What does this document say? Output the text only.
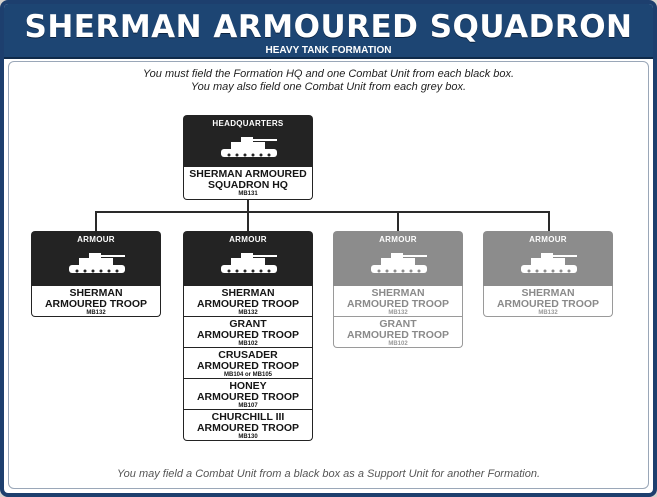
SHERMAN ARMOURED SQUADRON
HEAVY TANK FORMATION
You must field the Formation HQ and one Combat Unit from each black box.
You may also field one Combat Unit from each grey box.
HEADQUARTERS
SHERMAN ARMOURED
SQUADRON HQ
MB131
ARMOUR
SHERMAN
ARMOURED TROOP
MB132
ARMOUR
SHERMAN
ARMOURED TROOP
MB132
GRANT
ARMOURED TROOP
MB102
CRUSADER
ARMOURED TROOP
MB104 or MB105
HONEY
ARMOURED TROOP
MB107
CHURCHILL III
ARMOURED TROOP
MB130
ARMOUR
SHERMAN
ARMOURED TROOP
MB132
GRANT
ARMOURED TROOP
MB102
ARMOUR
SHERMAN
ARMOURED TROOP
MB132
You may field a Combat Unit from a black box as a Support Unit for another Formation.
